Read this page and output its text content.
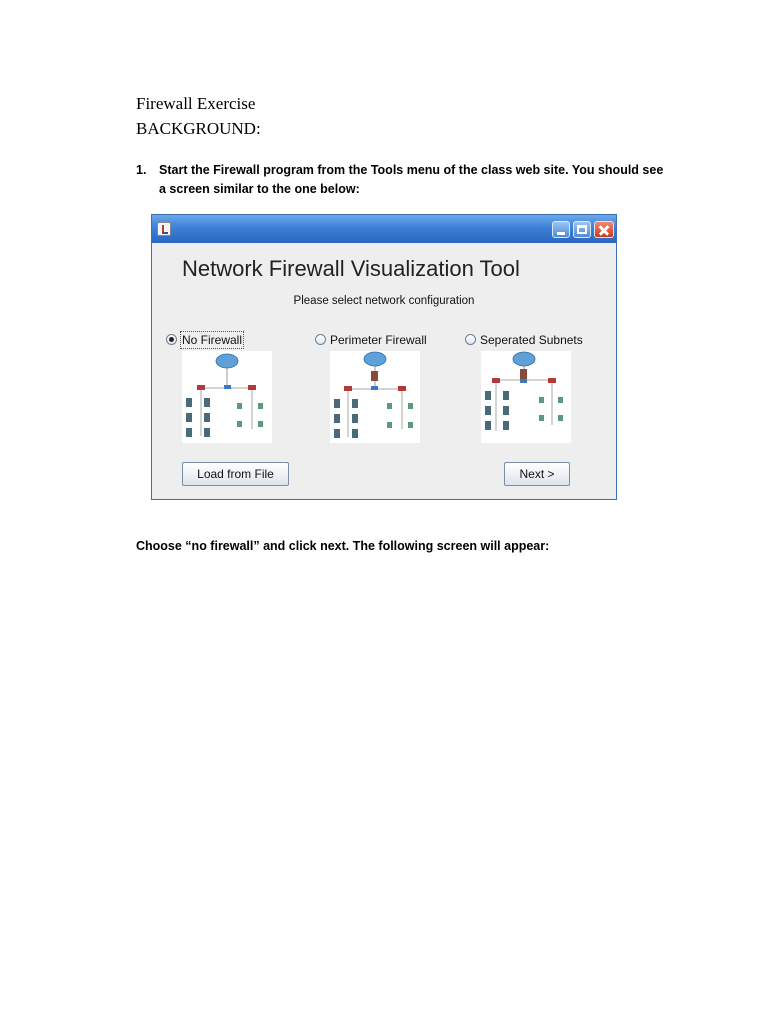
Firewall Exercise
BACKGROUND:
1. Start the Firewall program from the Tools menu of the class web site. You should see a screen similar to the one below:
Network Firewall Visualization Tool
Please select network configuration
No Firewall	Perimeter Firewall	Seperated Subnets
Load from File	Next >
Choose “no firewall” and click next. The following screen will appear:
